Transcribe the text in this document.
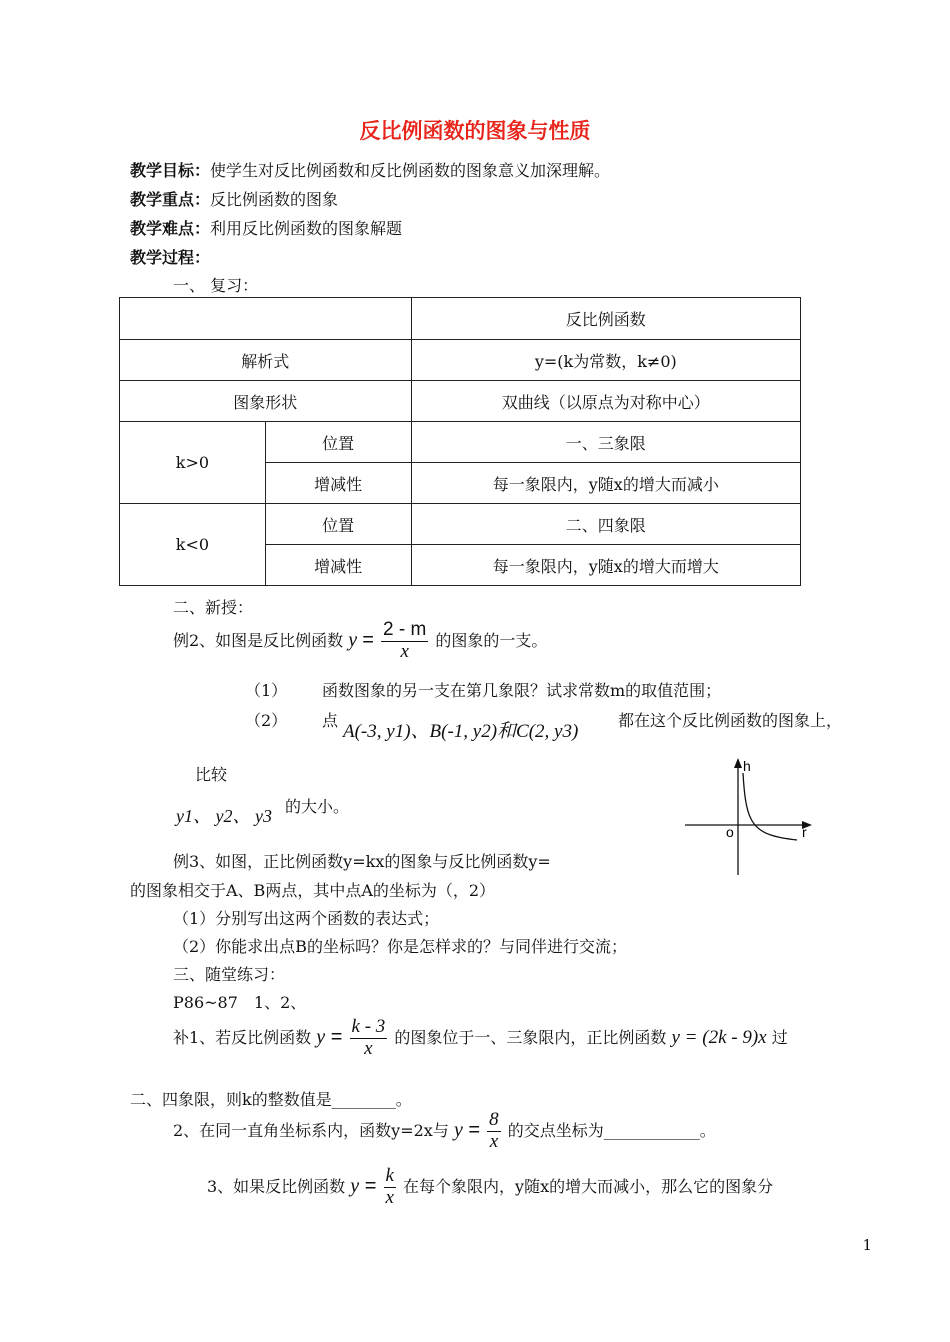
反比例函数的图象与性质
教学目标：使学生对反比例函数和反比例函数的图象意义加深理解。
教学重点：反比例函数的图象
教学难点：利用反比例函数的图象解题
教学过程：
一、 复习：
		反比例函数
解析式		y=(k为常数，k≠0)
图象形状		双曲线（以原点为对称中心）
k>0	位置	一、三象限
	增减性	每一象限内，y随x的增大而减小
k<0	位置	二、四象限
	增减性	每一象限内，y随x的增大而增大
二、新授：
例2、如图是反比例函数 $y = \frac{2 - m}{x}$ 的图象的一支。
（1） 函数图象的另一支在第几象限？试求常数m的取值范围；
（2） 点
A(-3, y1)、B(-1, y2)和C(2, y3)
都在这个反比例函数的图象上，
比较
y1、 y2、 y3 的大小。
h
r
o
例3、如图，正比例函数y=kx的图象与反比例函数y=
的图象相交于A、B两点，其中点A的坐标为（，2）
（1）分别写出这两个函数的表达式；
（2）你能求出点B的坐标吗？你是怎样求的？与同伴进行交流；
三、随堂练习：
P86~87　1、2、
补1、若反比例函数 $y = \frac{k - 3}{x}$ 的图象位于一、三象限内，正比例函数 y = (2k - 9)x 过
二、四象限，则k的整数值是________。
2、在同一直角坐标系内，函数y=2x与 $y = \frac{8}{x}$ 的交点坐标为____________。
3、如果反比例函数 $y = \frac{k}{x}$ 在每个象限内，y随x的增大而减小，那么它的图象分
1
